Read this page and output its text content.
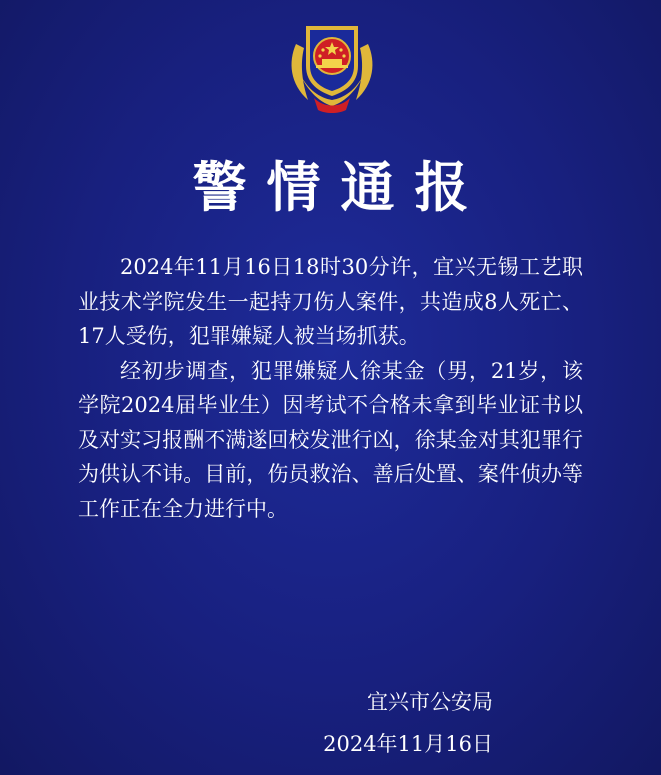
警情通报

2024年11月16日18时30分许，宜兴无锡工艺职业技术学院发生一起持刀伤人案件，共造成8人死亡、17人受伤，犯罪嫌疑人被当场抓获。

经初步调查，犯罪嫌疑人徐某金（男，21岁，该学院2024届毕业生）因考试不合格未拿到毕业证书以及对实习报酬不满遂回校发泄行凶，徐某金对其犯罪行为供认不讳。目前，伤员救治、善后处置、案件侦办等工作正在全力进行中。

宜兴市公安局
2024年11月16日
